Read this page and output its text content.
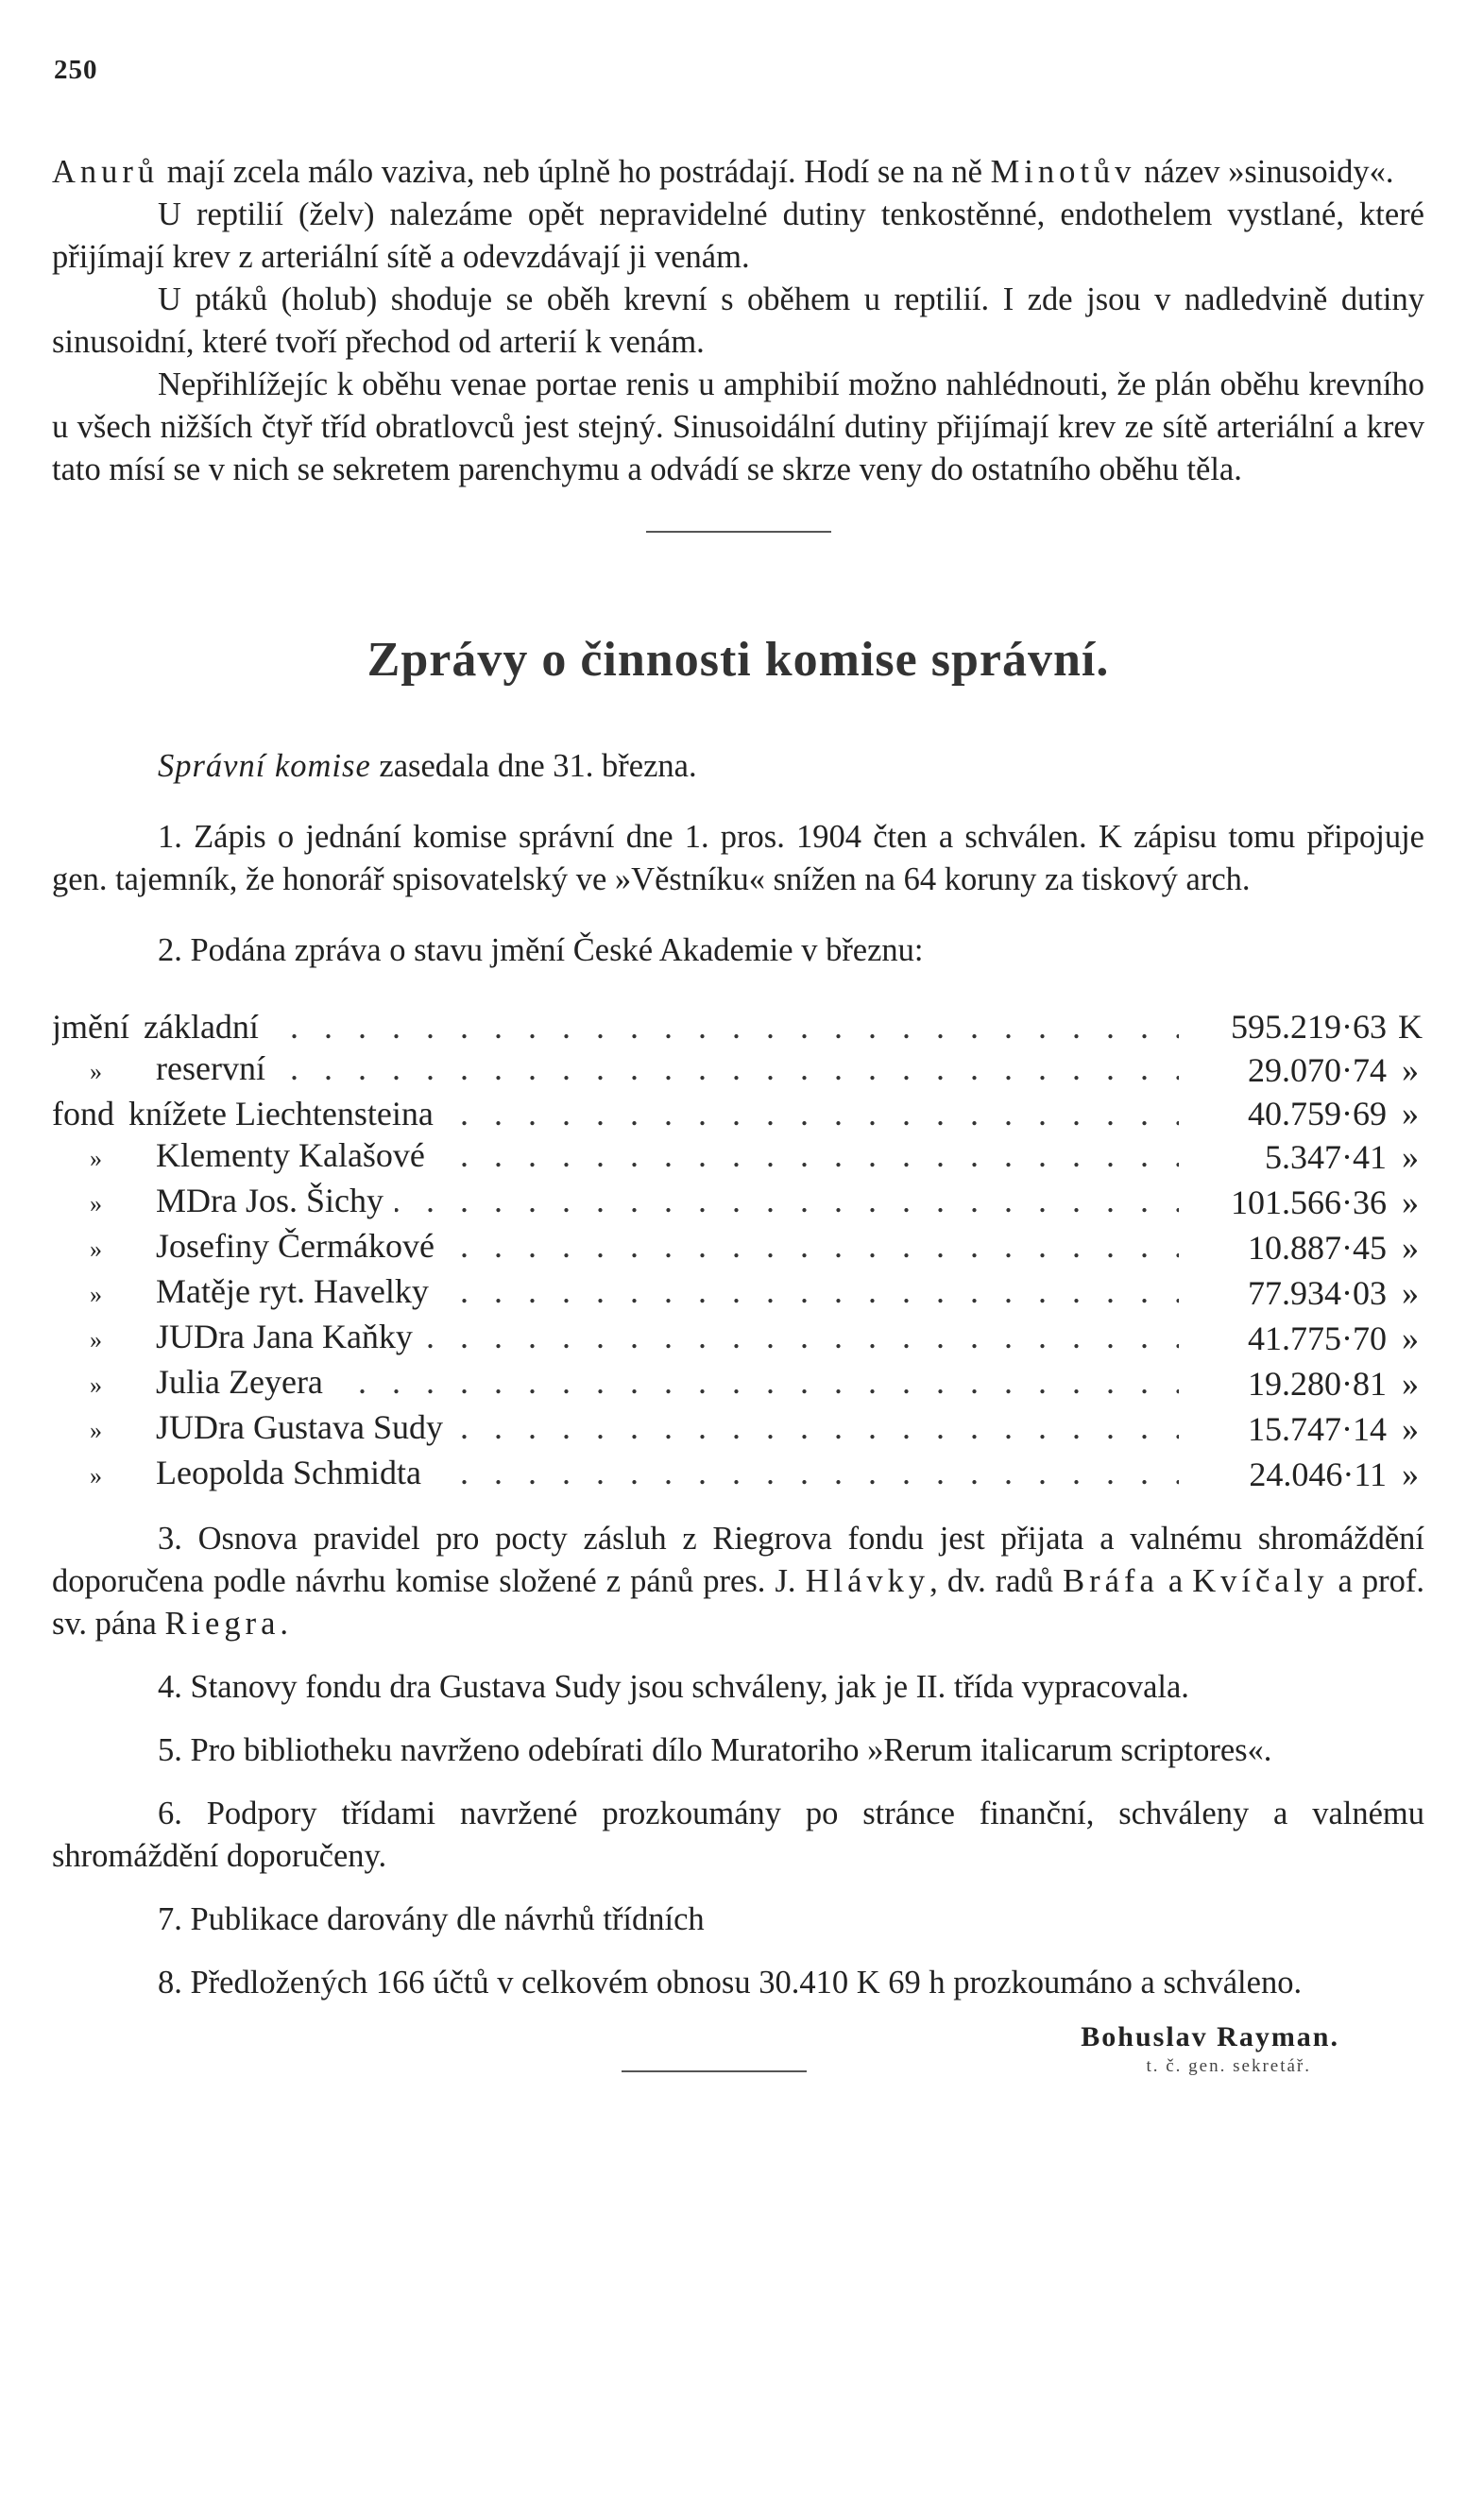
250

Anurů mají zcela málo vaziva, neb úplně ho postrádají. Hodí se na ně Minotův název »sinusoidy«.

U reptilií (želv) nalezáme opět nepravidelné dutiny tenkostěnné, endothelem vystlané, které přijímají krev z arteriální sítě a odevzdávají ji venám.

U ptáků (holub) shoduje se oběh krevní s oběhem u reptilií. I zde jsou v nadledvině dutiny sinusoidní, které tvoří přechod od arterií k venám.

Nepřihlížejíc k oběhu venae portae renis u amphibií možno nahlédnouti, že plán oběhu krevního u všech nižších čtyř tříd obratlovců jest stejný. Sinusoidální dutiny přijímají krev ze sítě arteriální a krev tato mísí se v nich se sekretem parenchymu a odvádí se skrze veny do ostatního oběhu těla.

Zprávy o činnosti komise správní.

Správní komise zasedala dne 31. března.

1. Zápis o jednání komise správní dne 1. pros. 1904 čten a schválen. K zápisu tomu připojuje gen. tajemník, že honorář spisovatelský ve »Věstníku« snížen na 64 koruny za tiskový arch.

2. Podána zpráva o stavu jmění České Akademie v březnu:

jmění základní . . .	595.219·63	K
» reservní . . .	29.070·74	»
fond knížete Liechtensteina . . .	40.759·69	»
» Klementy Kalašové . . .	5.347·41	»
» MDra Jos. Šichy . . .	101.566·36	»
» Josefiny Čermákové . . .	10.887·45	»
» Matěje ryt. Havelky . . .	77.934·03	»
» JUDra Jana Kaňky . . .	41.775·70	»
» Julia Zeyera . . .	19.280·81	»
» JUDra Gustava Sudy . . .	15.747·14	»
» Leopolda Schmidta . . .	24.046·11	»

3. Osnova pravidel pro pocty zásluh z Riegrova fondu jest přijata a valnému shromáždění doporučena podle návrhu komise složené z pánů pres. J. Hlávky, dv. radů Bráfa a Kvíčaly a prof. sv. pána Riegra.

4. Stanovy fondu dra Gustava Sudy jsou schváleny, jak je II. třída vypracovala.

5. Pro bibliotheku navrženo odebírati dílo Muratoriho »Rerum italicarum scriptores«.

6. Podpory třídami navržené prozkoumány po stránce finanční, schváleny a valnému shromáždění doporučeny.

7. Publikace darovány dle návrhů třídních

8. Předložených 166 účtů v celkovém obnosu 30.410 K 69 h prozkoumáno a schváleno.

Bohuslav Rayman.
t. č. gen. sekretář.
